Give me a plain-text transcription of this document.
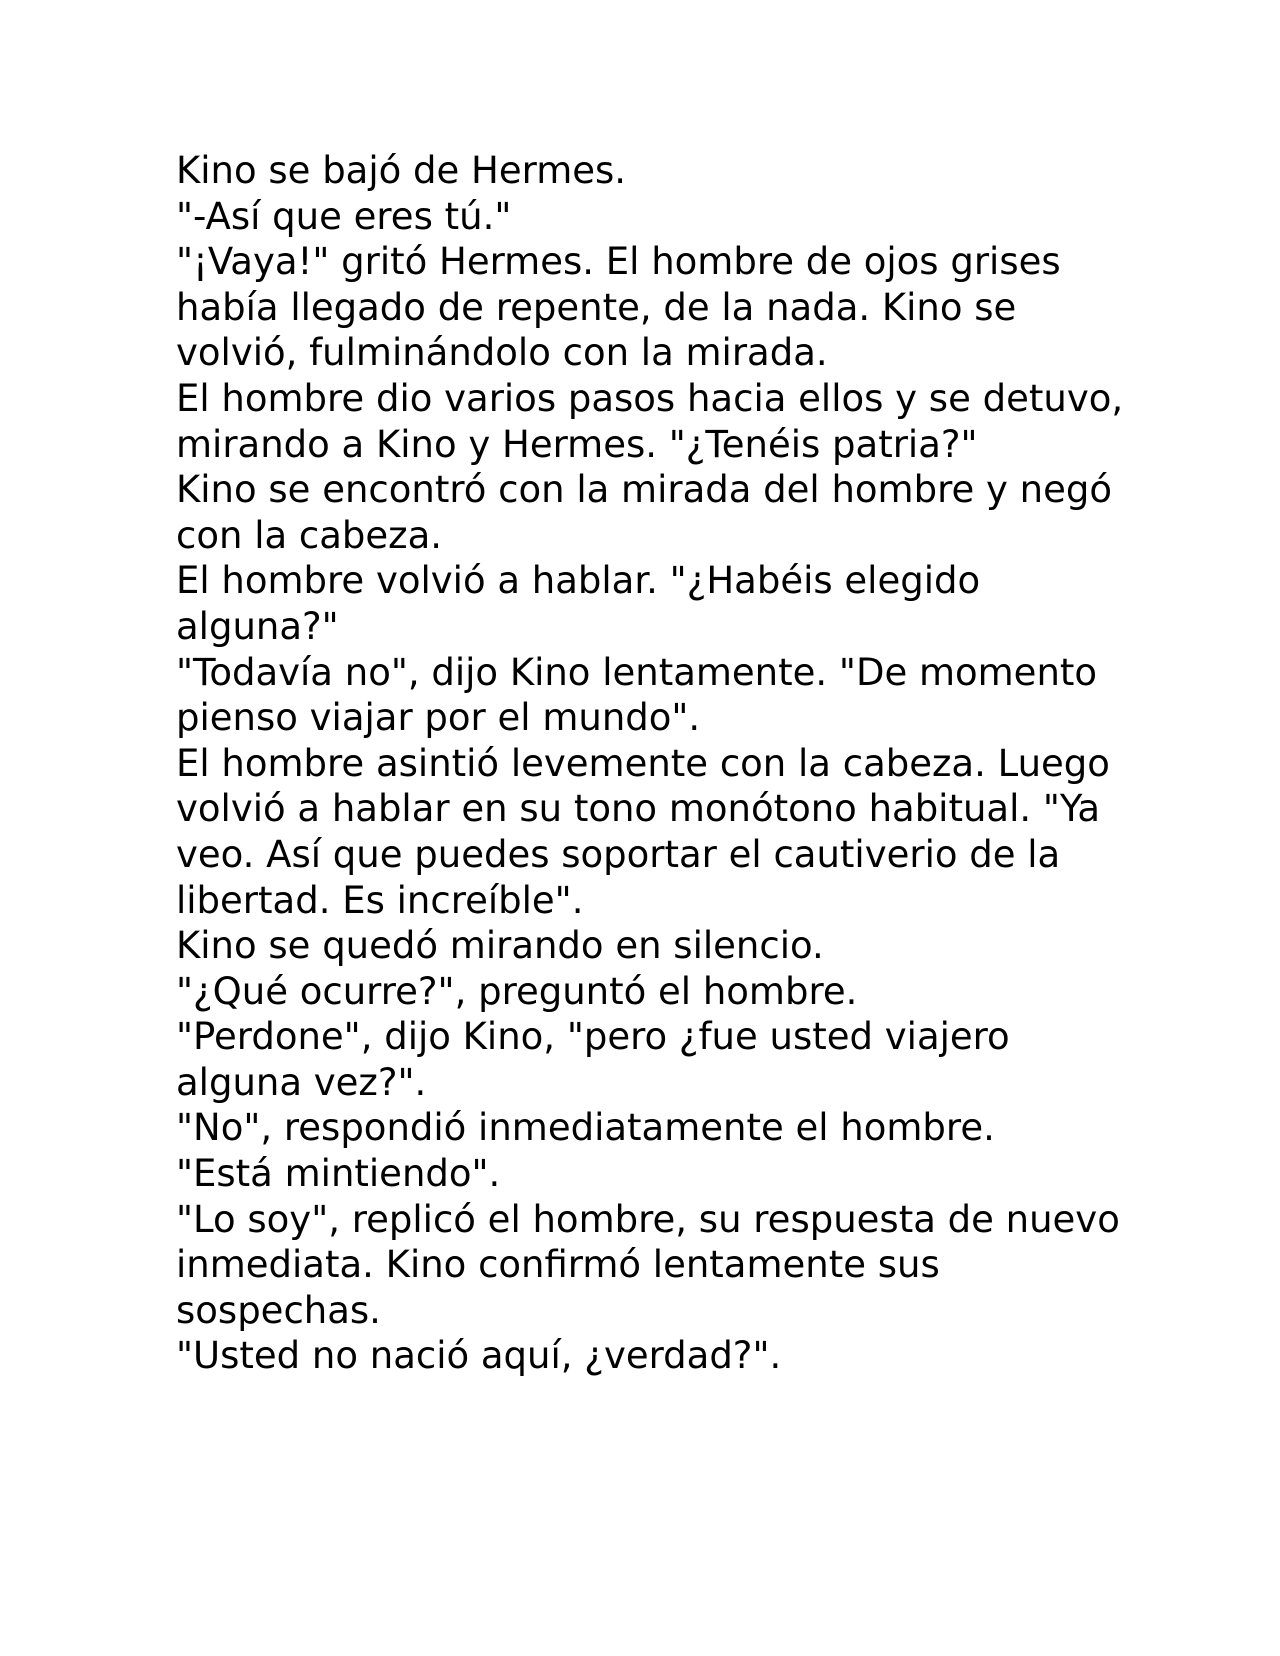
Kino se bajó de Hermes.

"-Así que eres tú."

"¡Vaya!" gritó Hermes. El hombre de ojos grises había llegado de repente, de la nada. Kino se volvió, fulminándolo con la mirada.

El hombre dio varios pasos hacia ellos y se detuvo, mirando a Kino y Hermes. "¿Tenéis patria?"

Kino se encontró con la mirada del hombre y negó con la cabeza.

El hombre volvió a hablar. "¿Habéis elegido alguna?"

"Todavía no", dijo Kino lentamente. "De momento pienso viajar por el mundo".

El hombre asintió levemente con la cabeza. Luego volvió a hablar en su tono monótono habitual. "Ya veo. Así que puedes soportar el cautiverio de la libertad. Es increíble".

Kino se quedó mirando en silencio.

"¿Qué ocurre?", preguntó el hombre.

"Perdone", dijo Kino, "pero ¿fue usted viajero alguna vez?".

"No", respondió inmediatamente el hombre.

"Está mintiendo".

"Lo soy", replicó el hombre, su respuesta de nuevo inmediata. Kino confirmó lentamente sus sospechas.

"Usted no nació aquí, ¿verdad?".
